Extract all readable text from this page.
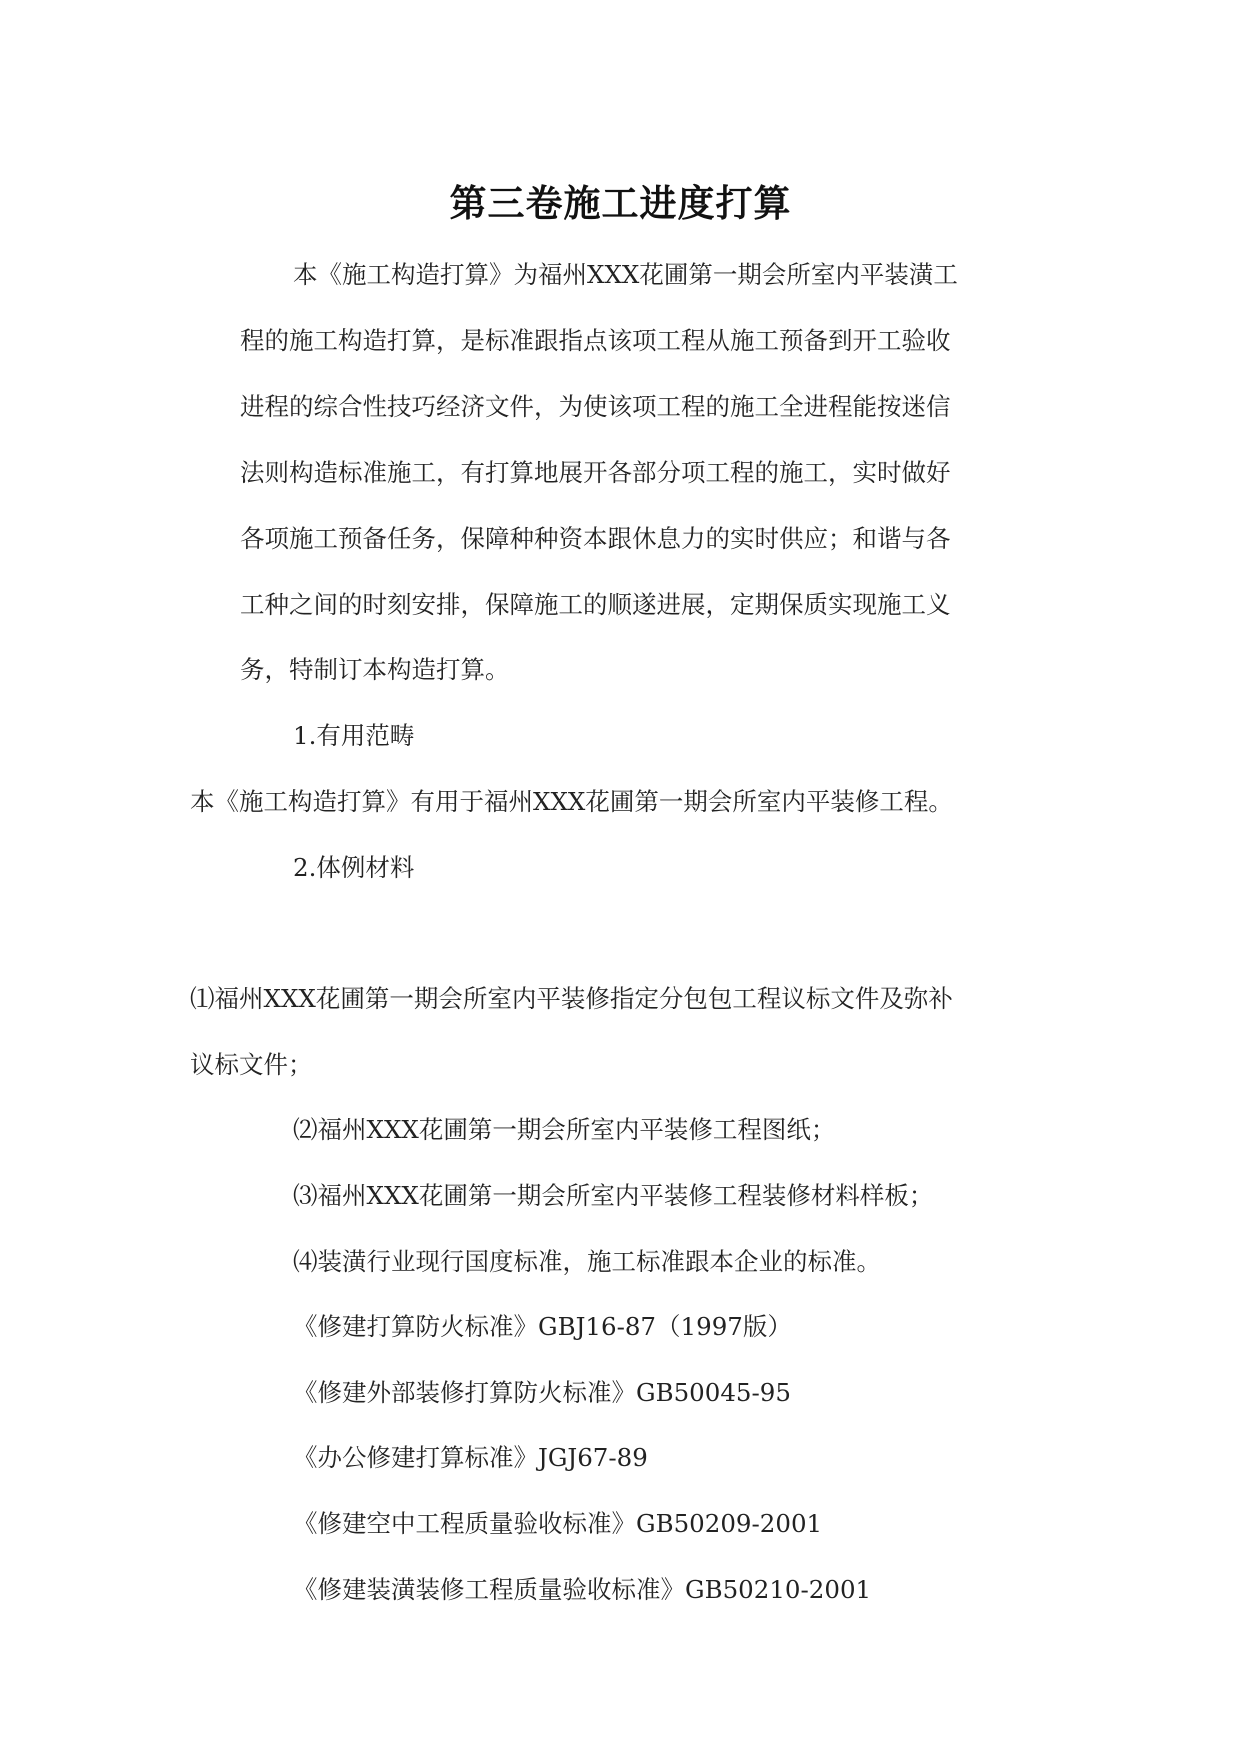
第三卷施工进度打算
本《施工构造打算》为福州XXX花圃第一期会所室内平装潢工
程的施工构造打算，是标准跟指点该项工程从施工预备到开工验收
进程的综合性技巧经济文件，为使该项工程的施工全进程能按迷信
法则构造标准施工，有打算地展开各部分项工程的施工，实时做好
各项施工预备任务，保障种种资本跟休息力的实时供应；和谐与各
工种之间的时刻安排，保障施工的顺遂进展，定期保质实现施工义
务，特制订本构造打算。
1.有用范畴
本《施工构造打算》有用于福州XXX花圃第一期会所室内平装修工程。
2.体例材料
⑴福州XXX花圃第一期会所室内平装修指定分包包工程议标文件及弥补
议标文件；
⑵福州XXX花圃第一期会所室内平装修工程图纸；
⑶福州XXX花圃第一期会所室内平装修工程装修材料样板；
⑷装潢行业现行国度标准，施工标准跟本企业的标准。
《修建打算防火标准》GBJ16-87（1997版）
《修建外部装修打算防火标准》GB50045-95
《办公修建打算标准》JGJ67-89
《修建空中工程质量验收标准》GB50209-2001
《修建装潢装修工程质量验收标准》GB50210-2001
